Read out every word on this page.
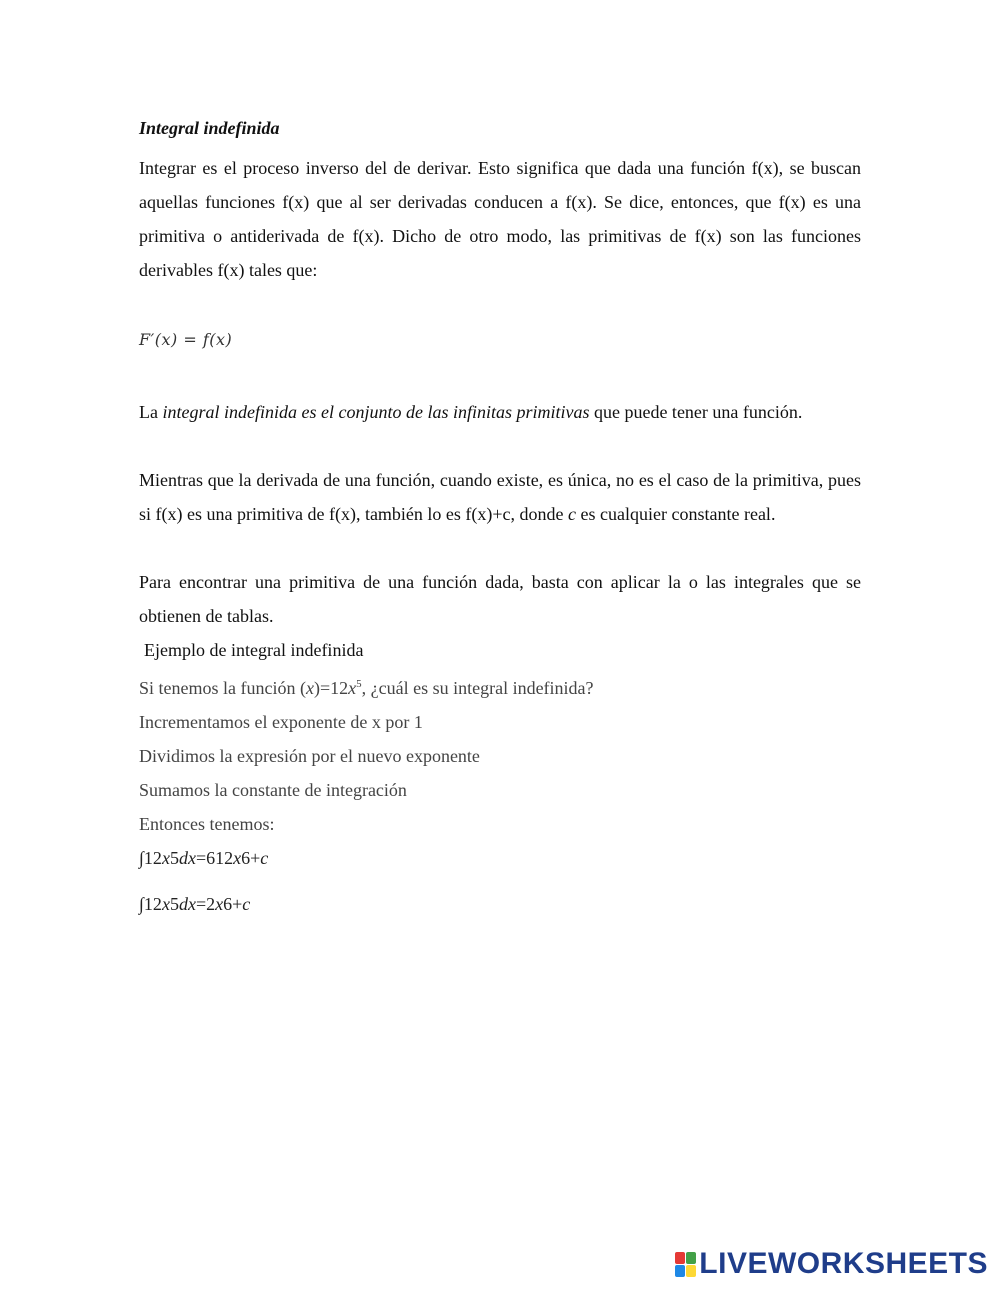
Integral indefinida

Integrar es el proceso inverso del de derivar. Esto significa que dada una función f(x), se buscan aquellas funciones f(x) que al ser derivadas conducen a f(x). Se dice, entonces, que f(x) es una primitiva o antiderivada de f(x). Dicho de otro modo, las primitivas de f(x) son las funciones derivables f(x) tales que:

F′(x) = f(x)

La integral indefinida es el conjunto de las infinitas primitivas que puede tener una función.

Mientras que la derivada de una función, cuando existe, es única, no es el caso de la primitiva, pues si f(x) es una primitiva de f(x), también lo es f(x)+c, donde c es cualquier constante real.

Para encontrar una primitiva de una función dada, basta con aplicar la o las integrales que se obtienen de tablas.

Ejemplo de integral indefinida

Si tenemos la función $(x)=12x^5$, ¿cuál es su integral indefinida?

Incrementamos el exponente de x por 1

Dividimos la expresión por el nuevo exponente

Sumamos la constante de integración

Entonces tenemos:

∫12x5dx=612x6+c

∫12x5dx=2x6+c

LIVEWORKSHEETS
